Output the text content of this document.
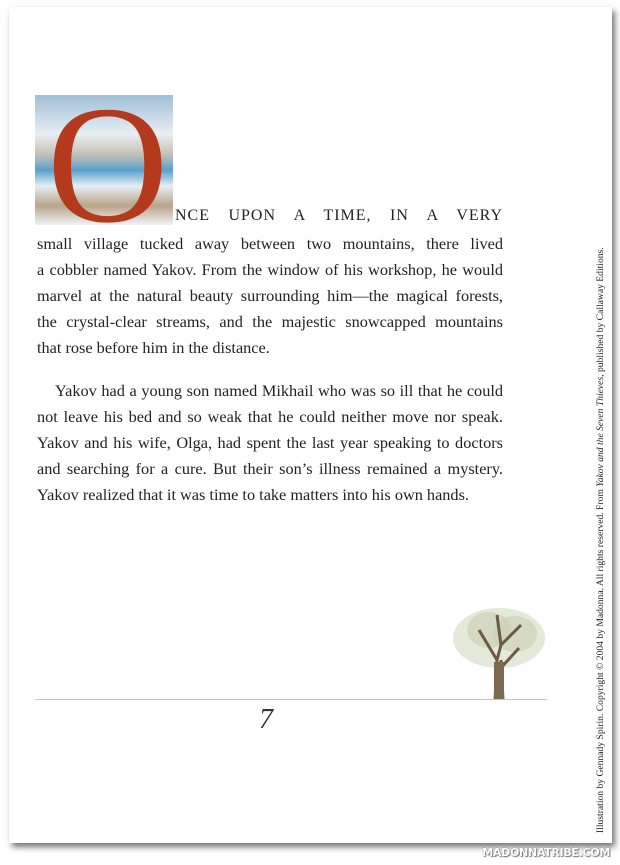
O NCE UPON A TIME, IN A VERY
small village tucked away between two mountains, there lived
a cobbler named Yakov. From the window of his workshop, he would
marvel at the natural beauty surrounding him—the magical forests,
the crystal-clear streams, and the majestic snowcapped mountains
that rose before him in the distance.
Yakov had a young son named Mikhail who was so ill that he could
not leave his bed and so weak that he could neither move nor speak.
Yakov and his wife, Olga, had spent the last year speaking to doctors
and searching for a cure. But their son’s illness remained a mystery.
Yakov realized that it was time to take matters into his own hands.
7	Illustration by Gennady Spirin. Copyright © 2004 by Madonna. All rights reserved. From Yakov and the Seven Thieves, published by Callaway Editions.
MADONNATRIBE.COM
